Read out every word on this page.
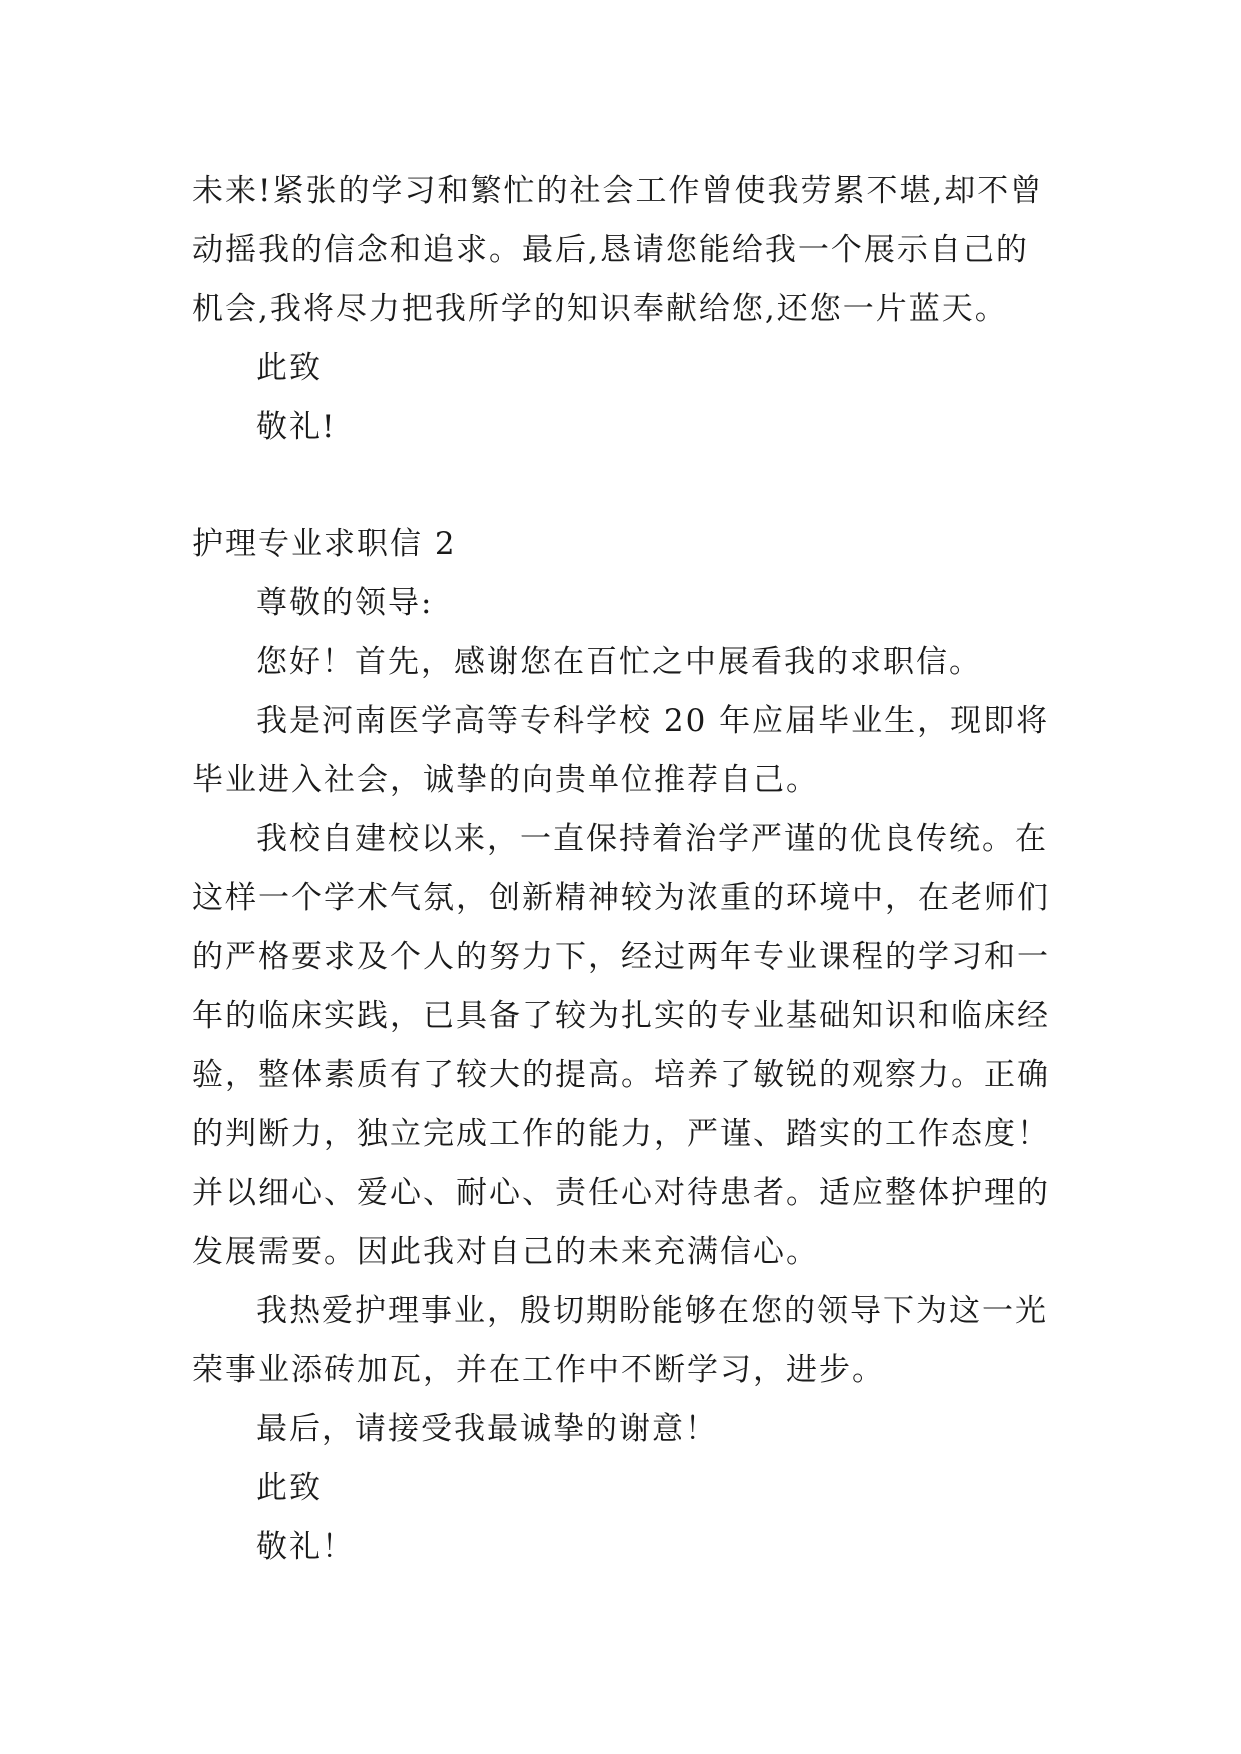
未来!紧张的学习和繁忙的社会工作曾使我劳累不堪,却不曾
动摇我的信念和追求。最后,恳请您能给我一个展示自己的
机会,我将尽力把我所学的知识奉献给您,还您一片蓝天。
此致
敬礼!
护理专业求职信 2
尊敬的领导:
您好！首先，感谢您在百忙之中展看我的求职信。
我是河南医学高等专科学校 20 年应届毕业生，现即将
毕业进入社会，诚挚的向贵单位推荐自己。
我校自建校以来，一直保持着治学严谨的优良传统。在
这样一个学术气氛，创新精神较为浓重的环境中，在老师们
的严格要求及个人的努力下，经过两年专业课程的学习和一
年的临床实践，已具备了较为扎实的专业基础知识和临床经
验，整体素质有了较大的提高。培养了敏锐的观察力。正确
的判断力，独立完成工作的能力，严谨、踏实的工作态度！
并以细心、爱心、耐心、责任心对待患者。适应整体护理的
发展需要。因此我对自己的未来充满信心。
我热爱护理事业，殷切期盼能够在您的领导下为这一光
荣事业添砖加瓦，并在工作中不断学习，进步。
最后，请接受我最诚挚的谢意！
此致
敬礼！
